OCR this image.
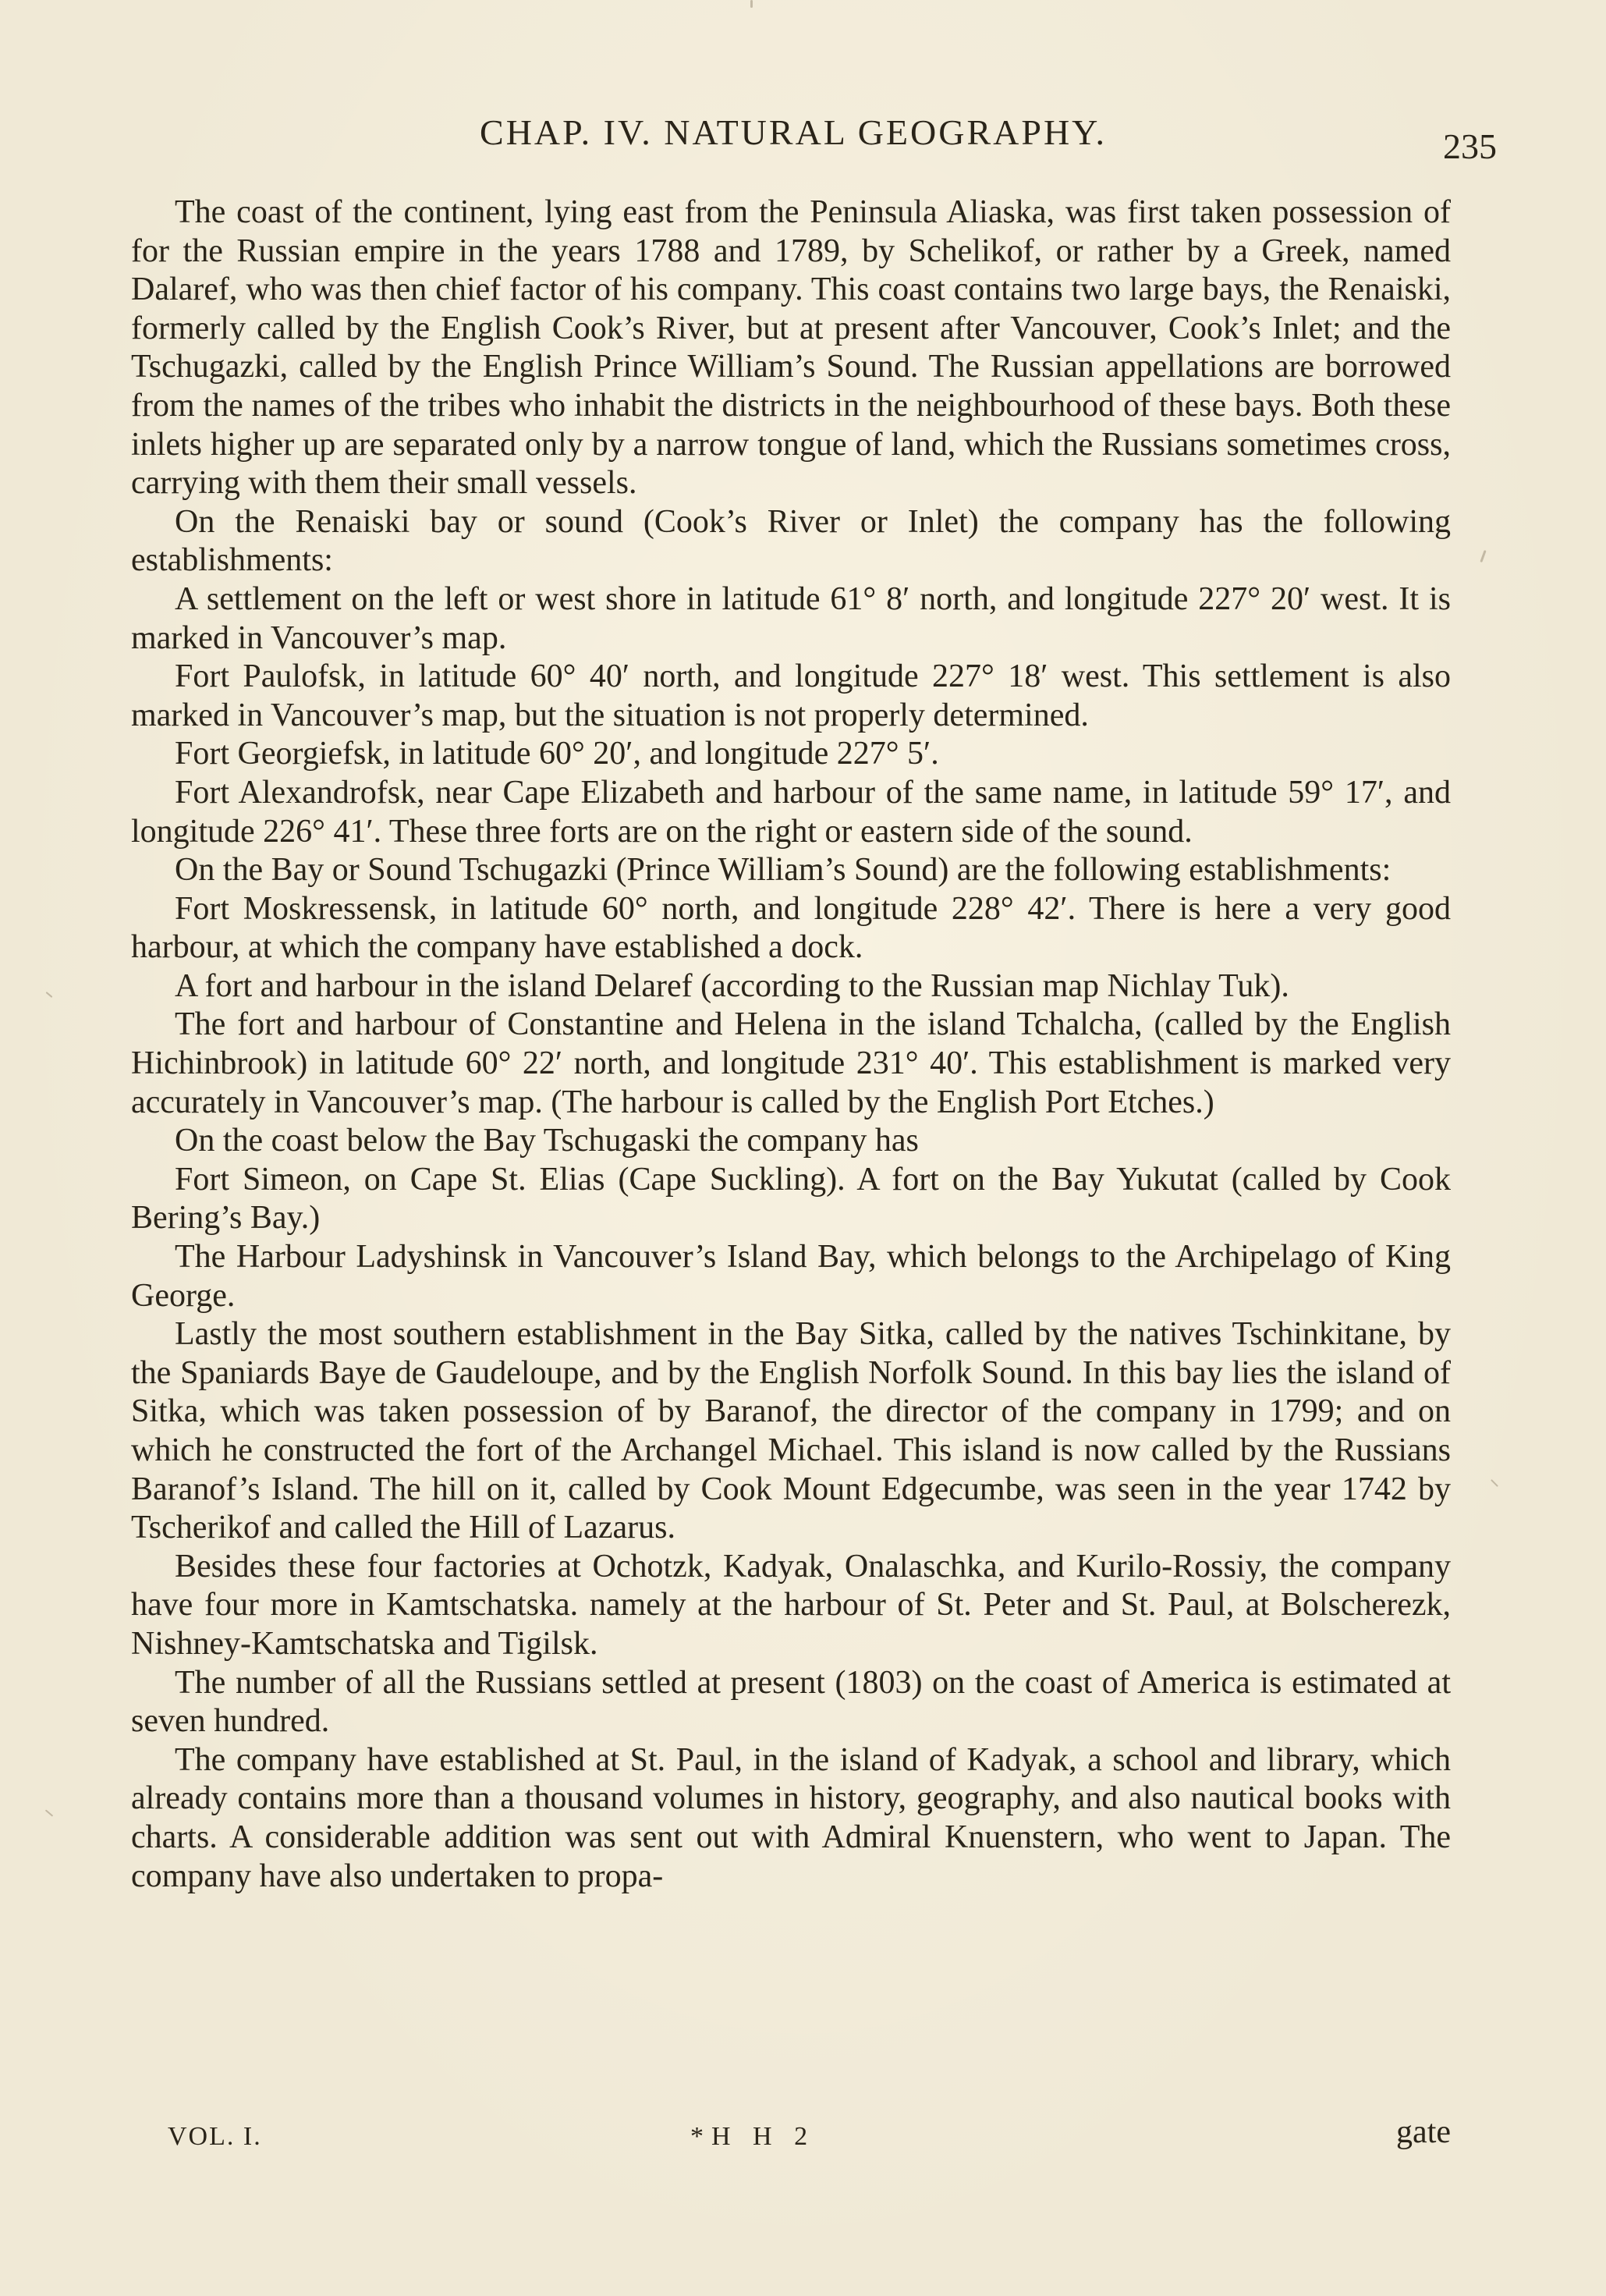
CHAP. IV. NATURAL GEOGRAPHY.	235

The coast of the continent, lying east from the Peninsula Aliaska, was first taken possession of for the Russian empire in the years 1788 and 1789, by Schelikof, or rather by a Greek, named Dalaref, who was then chief factor of his company. This coast contains two large bays, the Renaiski, formerly called by the English Cook’s River, but at present after Vancouver, Cook’s Inlet; and the Tschugazki, called by the English Prince William’s Sound. The Russian appellations are borrowed from the names of the tribes who inhabit the districts in the neighbourhood of these bays. Both these inlets higher up are separated only by a narrow tongue of land, which the Russians sometimes cross, carrying with them their small vessels.

On the Renaiski bay or sound (Cook’s River or Inlet) the company has the following establishments:

A settlement on the left or west shore in latitude 61° 8′ north, and longitude 227° 20′ west. It is marked in Vancouver’s map.

Fort Paulofsk, in latitude 60° 40′ north, and longitude 227° 18′ west. This settlement is also marked in Vancouver’s map, but the situation is not properly determined.

Fort Georgiefsk, in latitude 60° 20′, and longitude 227° 5′.

Fort Alexandrofsk, near Cape Elizabeth and harbour of the same name, in latitude 59° 17′, and longitude 226° 41′. These three forts are on the right or eastern side of the sound.

On the Bay or Sound Tschugazki (Prince William’s Sound) are the following establishments:

Fort Moskressensk, in latitude 60° north, and longitude 228° 42′. There is here a very good harbour, at which the company have established a dock.

A fort and harbour in the island Delaref (according to the Russian map Nichlay Tuk).

The fort and harbour of Constantine and Helena in the island Tchalcha, (called by the English Hichinbrook) in latitude 60° 22′ north, and longitude 231° 40′. This establishment is marked very accurately in Vancouver’s map. (The harbour is called by the English Port Etches.)

On the coast below the Bay Tschugaski the company has

Fort Simeon, on Cape St. Elias (Cape Suckling). A fort on the Bay Yukutat (called by Cook Bering’s Bay.)

The Harbour Ladyshinsk in Vancouver’s Island Bay, which belongs to the Archipelago of King George.

Lastly the most southern establishment in the Bay Sitka, called by the natives Tschinkitane, by the Spaniards Baye de Gaudeloupe, and by the English Norfolk Sound. In this bay lies the island of Sitka, which was taken possession of by Baranof, the director of the company in 1799; and on which he constructed the fort of the Archangel Michael. This island is now called by the Russians Baranof’s Island. The hill on it, called by Cook Mount Edgecumbe, was seen in the year 1742 by Tscherikof and called the Hill of Lazarus.

Besides these four factories at Ochotzk, Kadyak, Onalaschka, and Kurilo-Rossiy, the company have four more in Kamtschatska. namely at the harbour of St. Peter and St. Paul, at Bolscherezk, Nishney-Kamtschatska and Tigilsk.

The number of all the Russians settled at present (1803) on the coast of America is estimated at seven hundred.

The company have established at St. Paul, in the island of Kadyak, a school and library, which already contains more than a thousand volumes in history, geography, and also nautical books with charts. A considerable addition was sent out with Admiral Knuenstern, who went to Japan. The company have also undertaken to propa-

VOL. I.	*H H 2	gate
